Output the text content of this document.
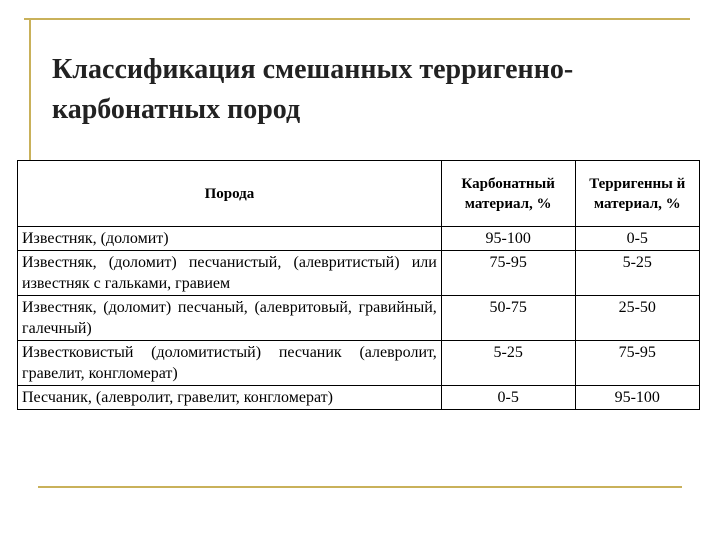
Классификация смешанных терригенно-карбонатных пород
Порода	Карбонатный материал, %	Терригенны й материал, %
Известняк, (доломит)	95-100	0-5
Известняк, (доломит) песчанистый, (алевритистый) или известняк с гальками, гравием	75-95	5-25
Известняк, (доломит) песчаный, (алевритовый, гравийный, галечный)	50-75	25-50
Известковистый (доломитистый) песчаник (алевролит, гравелит, конгломерат)	5-25	75-95
Песчаник, (алевролит, гравелит, конгломерат)	0-5	95-100
